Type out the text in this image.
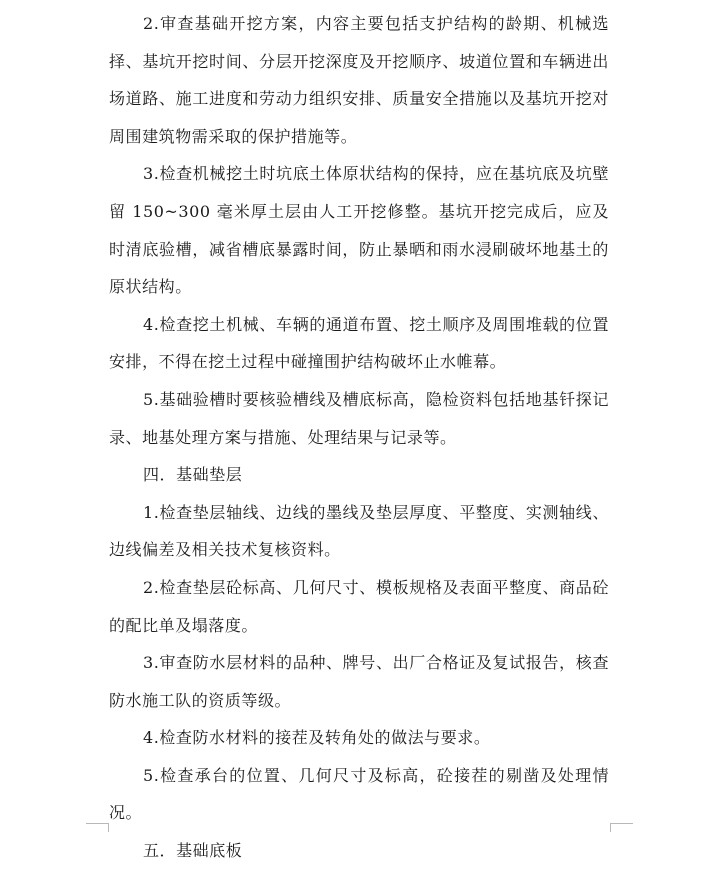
2.审查基础开挖方案，内容主要包括支护结构的龄期、机械选择、基坑开挖时间、分层开挖深度及开挖顺序、坡道位置和车辆进出场道路、施工进度和劳动力组织安排、质量安全措施以及基坑开挖对周围建筑物需采取的保护措施等。

3.检查机械挖土时坑底土体原状结构的保持，应在基坑底及坑壁留 150~300 毫米厚土层由人工开挖修整。基坑开挖完成后，应及时清底验槽，减省槽底暴露时间，防止暴晒和雨水浸刷破坏地基土的原状结构。

4.检查挖土机械、车辆的通道布置、挖土顺序及周围堆载的位置安排，不得在挖土过程中碰撞围护结构破坏止水帷幕。

5.基础验槽时要核验槽线及槽底标高，隐检资料包括地基钎探记录、地基处理方案与措施、处理结果与记录等。

四．基础垫层

1.检查垫层轴线、边线的墨线及垫层厚度、平整度、实测轴线、边线偏差及相关技术复核资料。

2.检查垫层砼标高、几何尺寸、模板规格及表面平整度、商品砼的配比单及塌落度。

3.审查防水层材料的品种、牌号、出厂合格证及复试报告，核查防水施工队的资质等级。

4.检查防水材料的接茬及转角处的做法与要求。

5.检查承台的位置、几何尺寸及标高，砼接茬的剔凿及处理情况。

五．基础底板
